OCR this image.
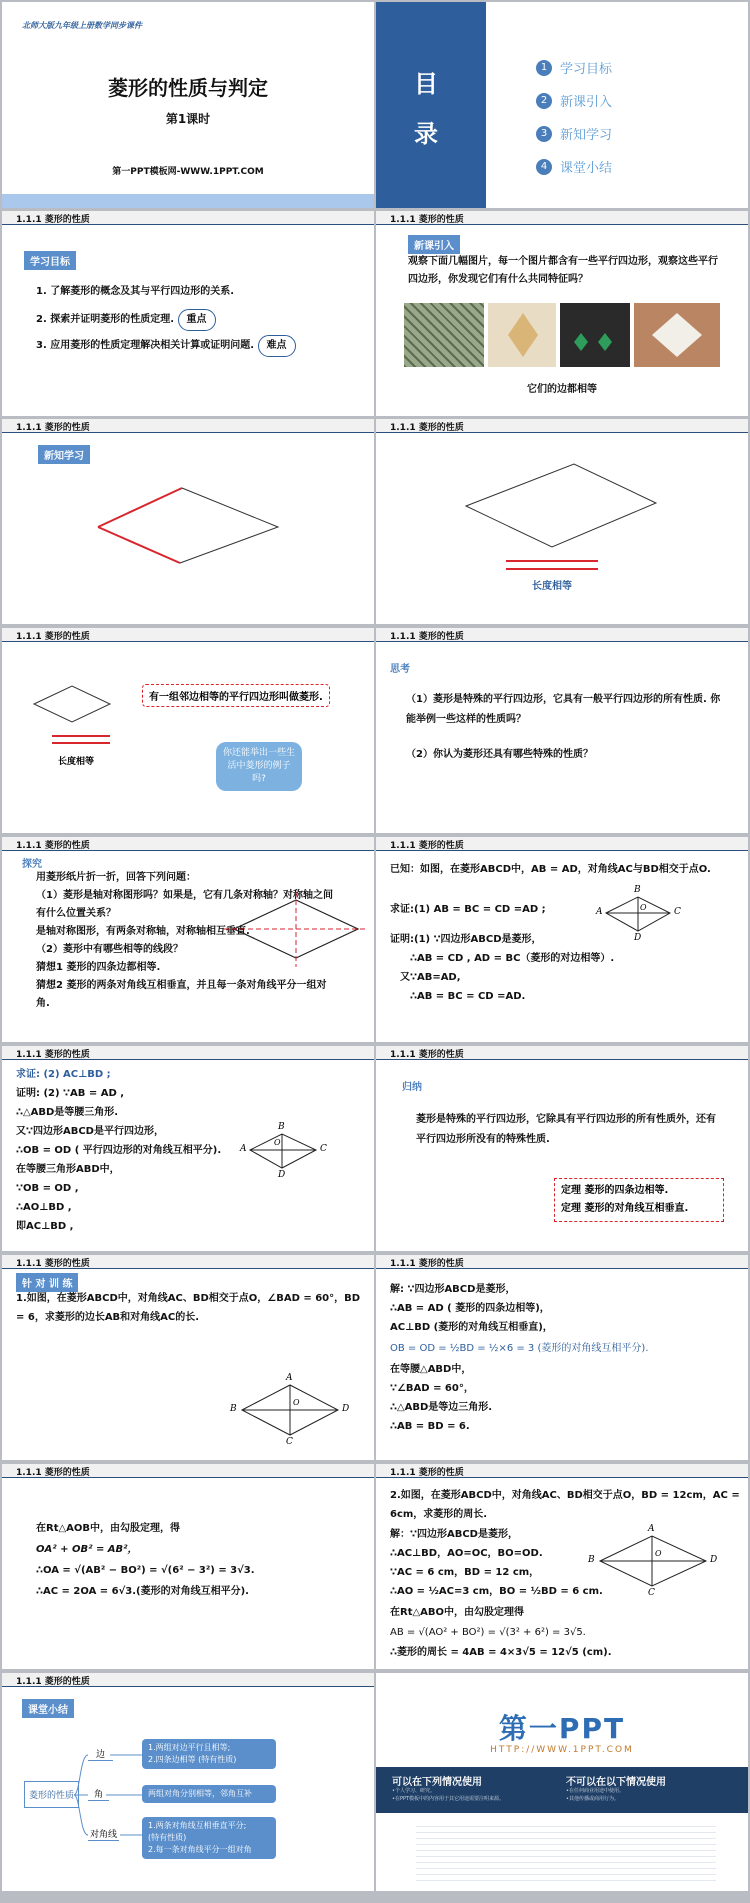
北师大版九年级上册数学同步课件
菱形的性质与判定
第1课时
第一PPT模板网-WWW.1PPT.COM
目
录
1 学习目标
2 新课引入
3 新知学习
4 课堂小结
1.1.1 菱形的性质
学习目标
1. 了解菱形的概念及其与平行四边形的关系.
2. 探索并证明菱形的性质定理. 重点
3. 应用菱形的性质定理解决相关计算或证明问题. 难点
1.1.1 菱形的性质
新课引入
观察下面几幅图片，每一个图片都含有一些平行四边形，观察这些平行四边形，你发现它们有什么共同特征吗？
它们的边都相等
1.1.1 菱形的性质
新知学习
1.1.1 菱形的性质
长度相等
1.1.1 菱形的性质
长度相等
有一组邻边相等的平行四边形叫做菱形.
你还能举出一些生活中菱形的例子吗?
1.1.1 菱形的性质
思考
（1）菱形是特殊的平行四边形，它具有一般平行四边形的所有性质. 你能举例一些这样的性质吗？
（2）你认为菱形还具有哪些特殊的性质？
1.1.1 菱形的性质
探究
用菱形纸片折一折，回答下列问题：
（1）菱形是轴对称图形吗？如果是，它有几条对称轴？对称轴之间有什么位置关系？
是轴对称图形，有两条对称轴，对称轴相互垂直.
（2）菱形中有哪些相等的线段？
猜想1 菱形的四条边都相等.
猜想2 菱形的两条对角线互相垂直，并且每一条对角线平分一组对角.
1.1.1 菱形的性质
已知：如图，在菱形ABCD中，AB = AD，对角线AC与BD相交于点O.
求证:(1) AB = BC = CD =AD ;
证明:(1) ∵四边形ABCD是菱形，
∴AB = CD , AD = BC（菱形的对边相等）.
又∵AB=AD,
∴AB = BC = CD =AD.
A
B
C
D
O
1.1.1 菱形的性质
求证: (2) AC⊥BD ;
证明: (2) ∵AB = AD ,
∴△ABD是等腰三角形.
又∵四边形ABCD是平行四边形，
∴OB = OD ( 平行四边形的对角线互相平分).
在等腰三角形ABD中，
∵OB = OD ,
∴AO⊥BD ,
即AC⊥BD ,
A
B
C
D
O
1.1.1 菱形的性质
归纳
菱形是特殊的平行四边形，它除具有平行四边形的所有性质外，还有平行四边形所没有的特殊性质.
定理 菱形的四条边相等.
定理 菱形的对角线互相垂直.
1.1.1 菱形的性质
针 对 训 练
1.如图，在菱形ABCD中，对角线AC、BD相交于点O，∠BAD = 60°，BD = 6，求菱形的边长AB和对角线AC的长.
A
B
C
D
O
1.1.1 菱形的性质
解: ∵四边形ABCD是菱形，
∴AB = AD ( 菱形的四条边相等)，
AC⊥BD (菱形的对角线互相垂直)，
OB = OD = ½BD = ½×6 = 3 (菱形的对角线互相平分).
在等腰△ABD中，
∵∠BAD = 60°，
∴△ABD是等边三角形.
∴AB = BD = 6.
1.1.1 菱形的性质
在Rt△AOB中，由勾股定理，得
OA² + OB² = AB²，
∴OA = √(AB² − BO²) = √(6² − 3²) = 3√3.
∴AC = 2OA = 6√3.(菱形的对角线互相平分).
1.1.1 菱形的性质
2.如图，在菱形ABCD中，对角线AC、BD相交于点O，BD = 12cm，AC = 6cm，求菱形的周长.
解：∵四边形ABCD是菱形，
∴AC⊥BD，AO=OC，BO=OD.
∵AC = 6 cm，BD = 12 cm，
∴AO = ½AC=3 cm，BO = ½BD = 6 cm.
在Rt△ABO中，由勾股定理得
AB = √(AO² + BO²) = √(3² + 6²) = 3√5.
∴菱形的周长 = 4AB = 4×3√5 = 12√5 (cm).
A
B
C
D
O
1.1.1 菱形的性质
课堂小结
菱形的性质
边
角
对角线
1.两组对边平行且相等;
2.四条边相等 (特有性质)
两组对角分别相等，邻角互补
1.两条对角线互相垂直平分;
(特有性质)
2.每一条对角线平分一组对角
第一PPT
HTTP://WWW.1PPT.COM
可以在下列情况使用
•个人学习、研究。
•在PPT模板中的内容用于其它用途需要注明来源。
不可以在以下情况使用
•在任何商业用途中使用。
•其他传播或商用行为。
